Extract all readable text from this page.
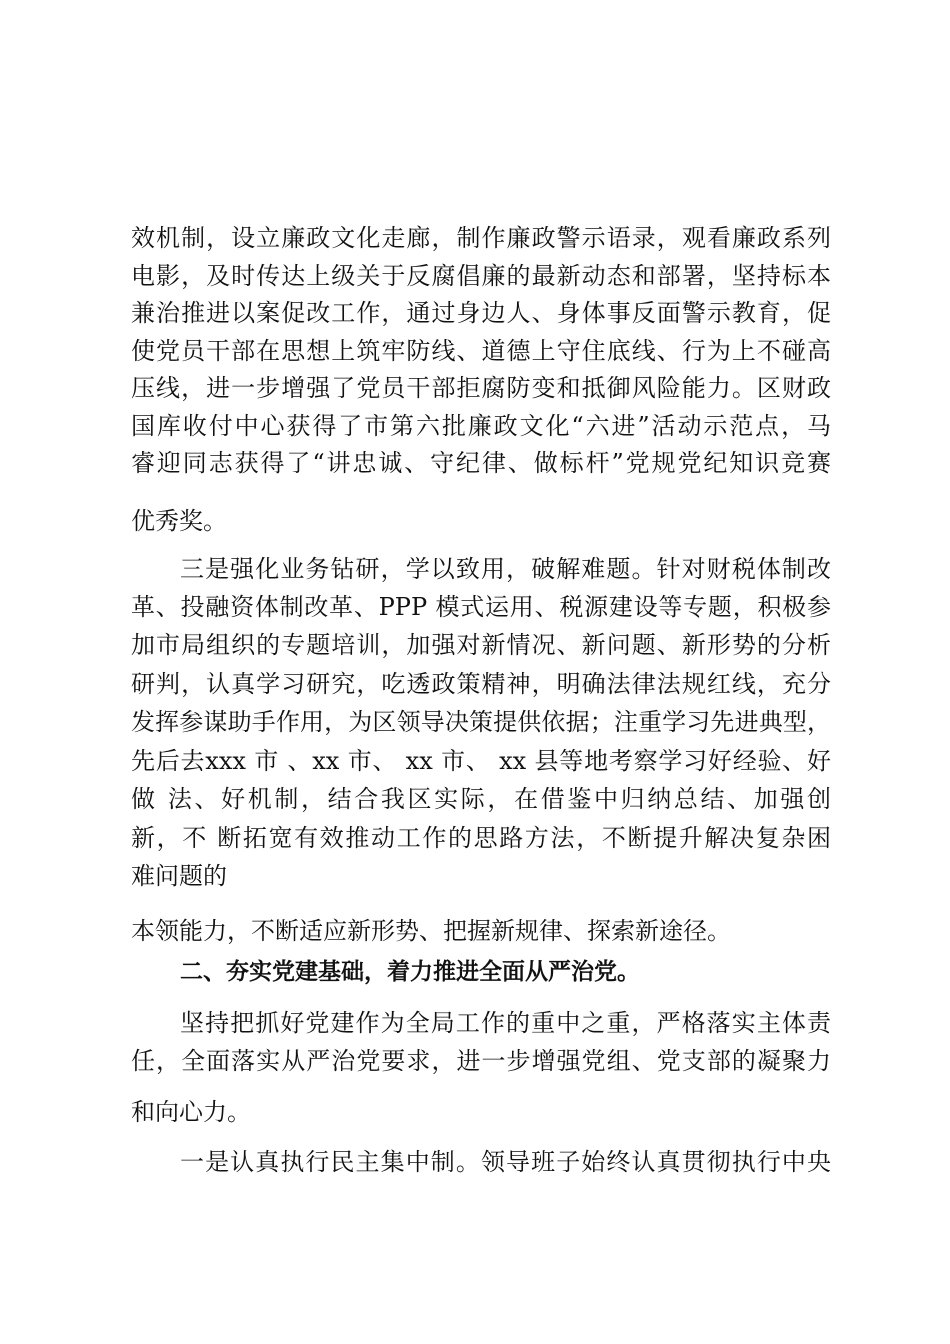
效机制，设立廉政文化走廊，制作廉政警示语录，观看廉政系列
电影，及时传达上级关于反腐倡廉的最新动态和部署，坚持标本
兼治推进以案促改工作，通过身边人、身体事反面警示教育，促
使党员干部在思想上筑牢防线、道德上守住底线、行为上不碰高
压线，进一步增强了党员干部拒腐防变和抵御风险能力。区财政
国库收付中心获得了市第六批廉政文化“六进”活动示范点，马
睿迎同志获得了“讲忠诚、守纪律、做标杆”党规党纪知识竞赛
优秀奖。
三是强化业务钻研，学以致用，破解难题。针对财税体制改
革、投融资体制改革、PPP 模式运用、税源建设等专题，积极参
加市局组织的专题培训，加强对新情况、新问题、新形势的分析
研判，认真学习研究，吃透政策精神，明确法律法规红线，充分
发挥参谋助手作用，为区领导决策提供依据；注重学习先进典型，
先后去xxx 市 、xx 市、 xx 市、 xx 县等地考察学习好经验、好
做 法、好机制，结合我区实际，在借鉴中归纳总结、加强创
新，不 断拓宽有效推动工作的思路方法，不断提升解决复杂困
难问题的
本领能力，不断适应新形势、把握新规律、探索新途径。
二、夯实党建基础，着力推进全面从严治党。
坚持把抓好党建作为全局工作的重中之重，严格落实主体责
任，全面落实从严治党要求，进一步增强党组、党支部的凝聚力
和向心力。
一是认真执行民主集中制。领导班子始终认真贯彻执行中央
